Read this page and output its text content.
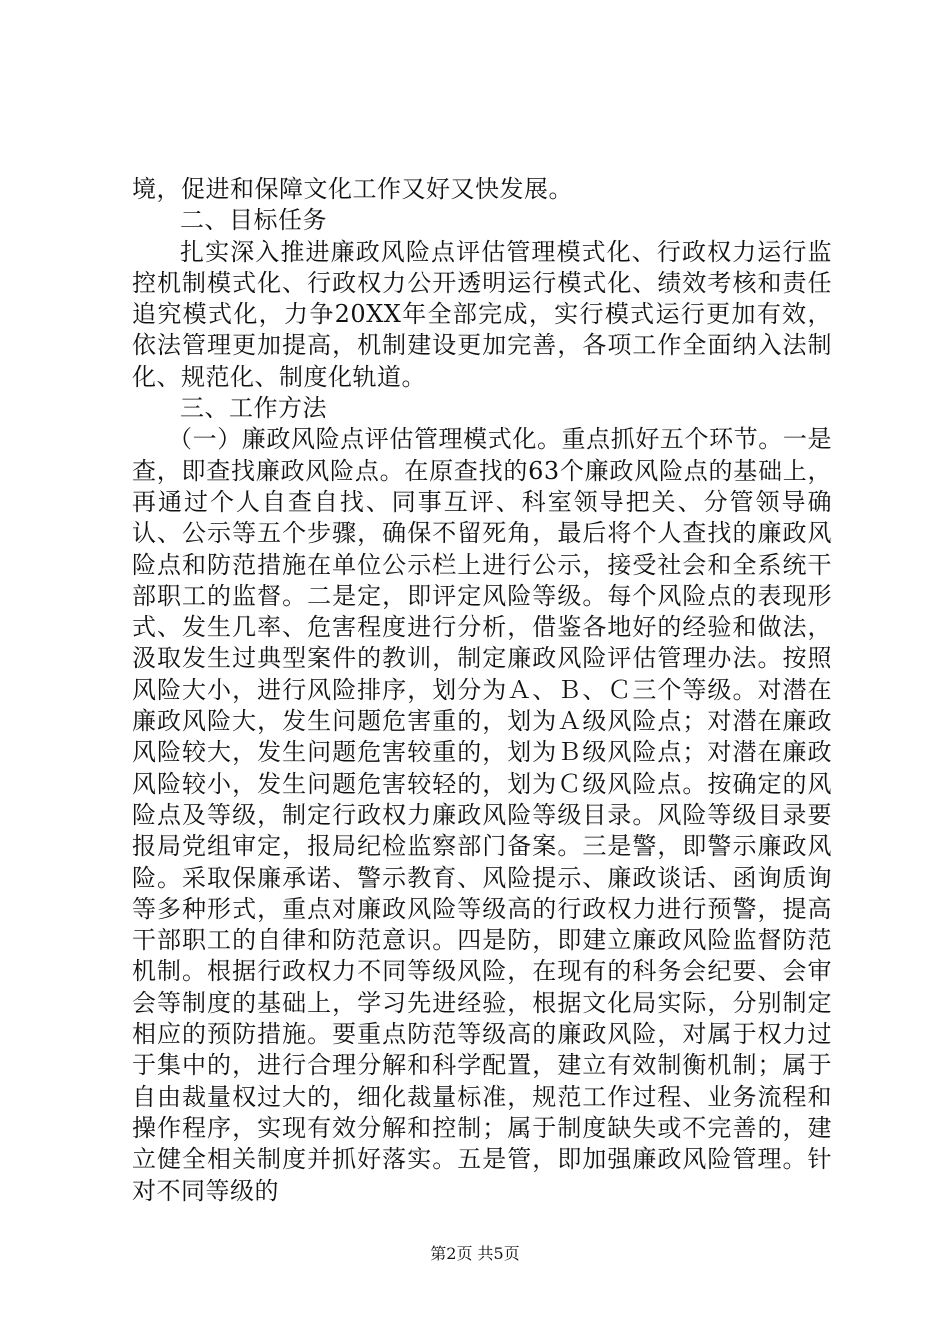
境，促进和保障文化工作又好又快发展。

二、目标任务

扎实深入推进廉政风险点评估管理模式化、行政权力运行监控机制模式化、行政权力公开透明运行模式化、绩效考核和责任追究模式化，力争20XX年全部完成，实行模式运行更加有效，依法管理更加提高，机制建设更加完善，各项工作全面纳入法制化、规范化、制度化轨道。

三、工作方法

（一）廉政风险点评估管理模式化。重点抓好五个环节。一是查，即查找廉政风险点。在原查找的63个廉政风险点的基础上，再通过个人自查自找、同事互评、科室领导把关、分管领导确认、公示等五个步骤，确保不留死角，最后将个人查找的廉政风险点和防范措施在单位公示栏上进行公示，接受社会和全系统干部职工的监督。二是定，即评定风险等级。每个风险点的表现形式、发生几率、危害程度进行分析，借鉴各地好的经验和做法，汲取发生过典型案件的教训，制定廉政风险评估管理办法。按照风险大小，进行风险排序，划分为Ａ、Ｂ、Ｃ三个等级。对潜在廉政风险大，发生问题危害重的，划为Ａ级风险点；对潜在廉政风险较大，发生问题危害较重的，划为Ｂ级风险点；对潜在廉政风险较小，发生问题危害较轻的，划为Ｃ级风险点。按确定的风险点及等级，制定行政权力廉政风险等级目录。风险等级目录要报局党组审定，报局纪检监察部门备案。三是警，即警示廉政风险。采取保廉承诺、警示教育、风险提示、廉政谈话、函询质询等多种形式，重点对廉政风险等级高的行政权力进行预警，提高干部职工的自律和防范意识。四是防，即建立廉政风险监督防范机制。根据行政权力不同等级风险，在现有的科务会纪要、会审会等制度的基础上，学习先进经验，根据文化局实际，分别制定相应的预防措施。要重点防范等级高的廉政风险，对属于权力过于集中的，进行合理分解和科学配置，建立有效制衡机制；属于自由裁量权过大的，细化裁量标准，规范工作过程、业务流程和操作程序，实现有效分解和控制；属于制度缺失或不完善的，建立健全相关制度并抓好落实。五是管，即加强廉政风险管理。针对不同等级的

第2页 共5页
